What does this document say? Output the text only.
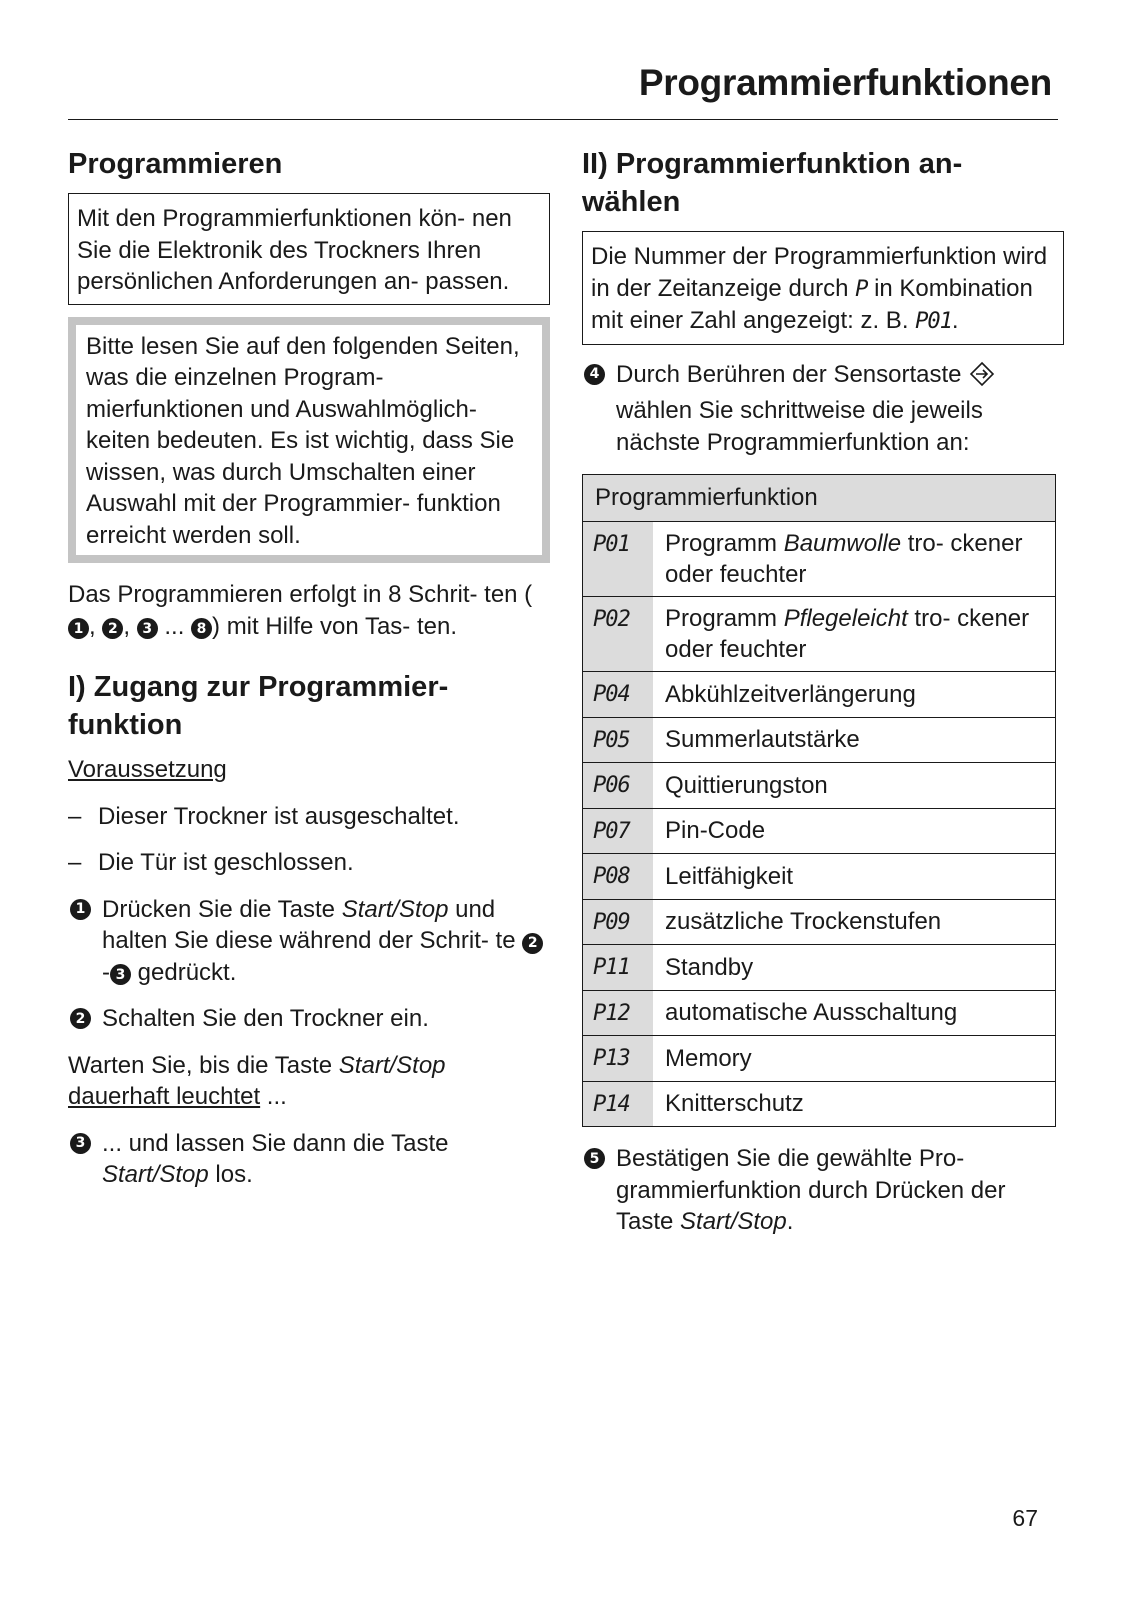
Programmierfunktionen
Programmieren

Mit den Programmierfunktionen kön- nen Sie die Elektronik des Trockners Ihren persönlichen Anforderungen an- passen.

Bitte lesen Sie auf den folgenden Seiten, was die einzelnen Program- mierfunktionen und Auswahlmöglich- keiten bedeuten. Es ist wichtig, dass Sie wissen, was durch Umschalten einer Auswahl mit der Programmier- funktion erreicht werden soll.

Das Programmieren erfolgt in 8 Schrit- ten (1 , 2 , 3 ... 8 ) mit Hilfe von Tas- ten.

I) Zugang zur Programmier- funktion

Voraussetzung

– Dieser Trockner ist ausgeschaltet.
– Die Tür ist geschlossen.
1 Drücken Sie die Taste Start/Stop und halten Sie diese während der Schrit- te 2- 3 gedrückt.
2 Schalten Sie den Trockner ein.

Warten Sie, bis die Taste Start/Stop
dauerhaft leuchtet ...

3 ... und lassen Sie dann die Taste Start/Stop los.
II) Programmierfunktion an- wählen

Die Nummer der Programmierfunktion wird in der Zeitanzeige durch P in Kombination mit einer Zahl angezeigt: z. B. P01.

4 Durch Berühren der Sensortaste  wählen Sie schrittweise die jeweils nächste Programmierfunktion an:
Programmierfunktion	
P01	Programm Baumwolle tro- ckener oder feuchter
P02	Programm Pflegeleicht tro- ckener oder feuchter
P04	Abkühlzeitverlängerung
P05	Summerlautstärke
P06	Quittierungston
P07	Pin-Code
P08	Leitfähigkeit
P09	zusätzliche Trockenstufen
P11	Standby
P12	automatische Ausschaltung
P13	Memory
P14	Knitterschutz
5 Bestätigen Sie die gewählte Pro- grammierfunktion durch Drücken der Taste Start/Stop.
67
